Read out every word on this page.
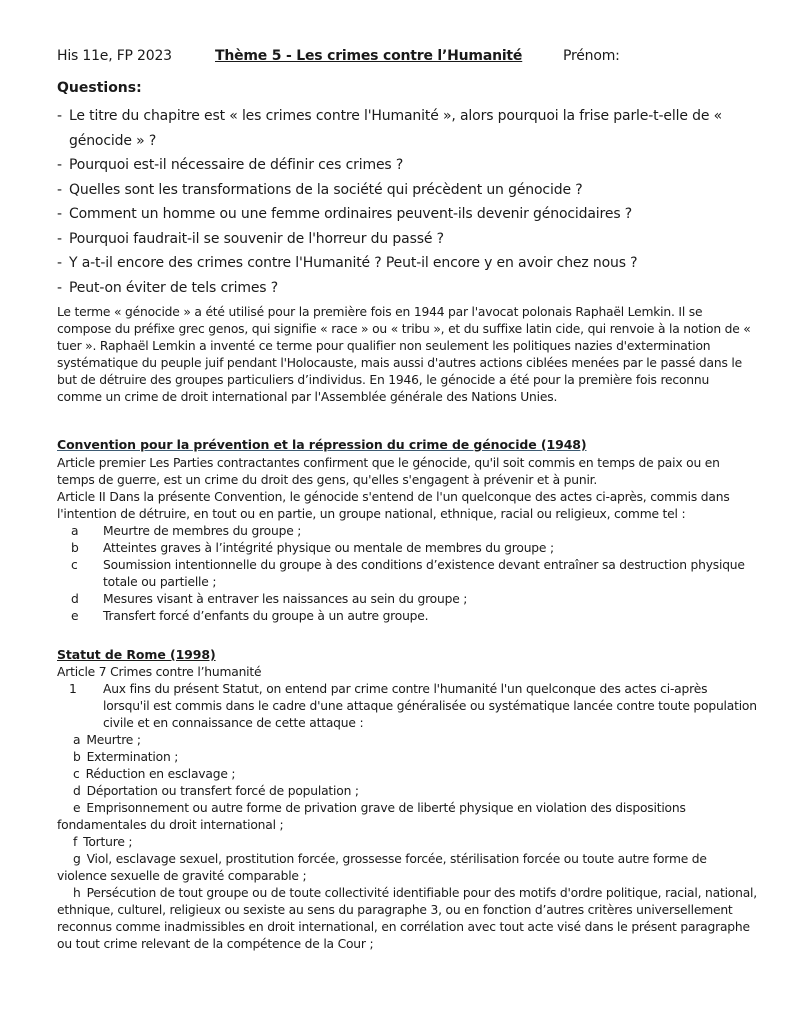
His 11e, FP 2023	Thème 5 - Les crimes contre l’Humanité	Prénom:
Questions:
- Le titre du chapitre est « les crimes contre l'Humanité », alors pourquoi la frise parle-t-elle de « génocide » ?
- Pourquoi est-il nécessaire de définir ces crimes ?
- Quelles sont les transformations de la société qui précèdent un génocide ?
- Comment un homme ou une femme ordinaires peuvent-ils devenir génocidaires ?
- Pourquoi faudrait-il se souvenir de l'horreur du passé ?
- Y a-t-il encore des crimes contre l'Humanité ? Peut-il encore y en avoir chez nous ?
- Peut-on éviter de tels crimes ?

Le terme « génocide » a été utilisé pour la première fois en 1944 par l'avocat polonais Raphaël Lemkin. Il se compose du préfixe grec genos, qui signifie « race » ou « tribu », et du suffixe latin cide, qui renvoie à la notion de « tuer ». Raphaël Lemkin a inventé ce terme pour qualifier non seulement les politiques nazies d'extermination systématique du peuple juif pendant l'Holocauste, mais aussi d'autres actions ciblées menées par le passé dans le but de détruire des groupes particuliers d’individus. En 1946, le génocide a été pour la première fois reconnu comme un crime de droit international par l'Assemblée générale des Nations Unies.

Convention pour la prévention et la répression du crime de génocide (1948)

Article premier Les Parties contractantes confirment que le génocide, qu'il soit commis en temps de paix ou en temps de guerre, est un crime du droit des gens, qu'elles s'engagent à prévenir et à punir.

Article II Dans la présente Convention, le génocide s'entend de l'un quelconque des actes ci-après, commis dans l'intention de détruire, en tout ou en partie, un groupe national, ethnique, racial ou religieux, comme tel :

a Meurtre de membres du groupe ;
b Atteintes graves à l’intégrité physique ou mentale de membres du groupe ;
c Soumission intentionnelle du groupe à des conditions d’existence devant entraîner sa destruction physique totale ou partielle ;
d Mesures visant à entraver les naissances au sein du groupe ;
e Transfert forcé d’enfants du groupe à un autre groupe.
Statut de Rome (1998)

Article 7 Crimes contre l’humanité

1 Aux fins du présent Statut, on entend par crime contre l'humanité l'un quelconque des actes ci-après lorsqu'il est commis dans le cadre d'une attaque généralisée ou systématique lancée contre toute population civile et en connaissance de cette attaque :
a Meurtre ;
b Extermination ;
c Réduction en esclavage ;
d Déportation ou transfert forcé de population ;
e Emprisonnement ou autre forme de privation grave de liberté physique en violation des dispositions fondamentales du droit international ;
f Torture ;
g Viol, esclavage sexuel, prostitution forcée, grossesse forcée, stérilisation forcée ou toute autre forme de violence sexuelle de gravité comparable ;
h Persécution de tout groupe ou de toute collectivité identifiable pour des motifs d'ordre politique, racial, national, ethnique, culturel, religieux ou sexiste au sens du paragraphe 3, ou en fonction d’autres critères universellement reconnus comme inadmissibles en droit international, en corrélation avec tout acte visé dans le présent paragraphe ou tout crime relevant de la compétence de la Cour ;
